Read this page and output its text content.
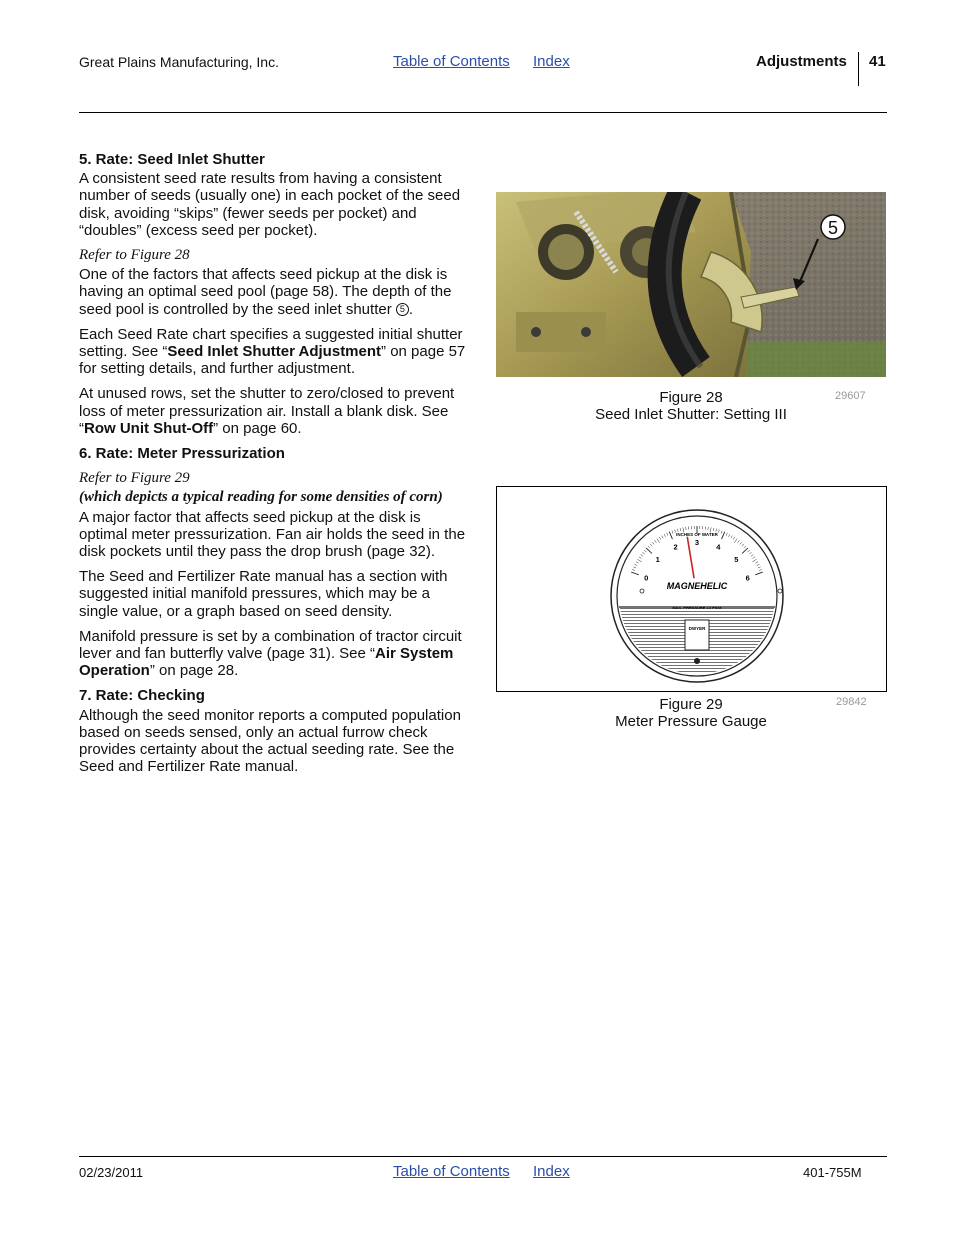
Great Plains Manufacturing, Inc.	Table of Contents Index	Adjustments 41
5. Rate: Seed Inlet Shutter

A consistent seed rate results from having a consistent number of seeds (usually one) in each pocket of the seed disk, avoiding “skips” (fewer seeds per pocket) and “doubles” (excess seed per pocket).

Refer to Figure 28

One of the factors that affects seed pickup at the disk is having an optimal seed pool (page 58). The depth of the seed pool is controlled by the seed inlet shutter 5 .

Each Seed Rate chart specifies a suggested initial shutter setting. See “Seed Inlet Shutter Adjustment” on page 57 for setting details, and further adjustment.

At unused rows, set the shutter to zero/closed to prevent loss of meter pressurization air. Install a blank disk. See “Row Unit Shut-Off” on page 60.

6. Rate: Meter Pressurization

Refer to Figure 29

(which depicts a typical reading for some densities of corn)

A major factor that affects seed pickup at the disk is optimal meter pressurization. Fan air holds the seed in the disk pockets until they pass the drop brush (page 32).

The Seed and Fertilizer Rate manual has a section with suggested initial manifold pressures, which may be a single value, or a graph based on seed density.

Manifold pressure is set by a combination of tractor circuit lever and fan butterfly valve (page 31). See “Air System Operation” on page 28.

7. Rate: Checking

Although the seed monitor reports a computed population based on seeds sensed, only an actual furrow check provides certainty about the actual seeding rate. See the Seed and Fertilizer Rate manual.

5
Figure 28
Seed Inlet Shutter: Setting III
29607
DWYER
INCHES OF WATER
MAGNEHELIC
MAX. PRESSURE 15 PSIG
0
1
2 3 4
5
6
Figure 29
Meter Pressure Gauge
29842
02/23/2011	Table of Contents Index	401-755M
